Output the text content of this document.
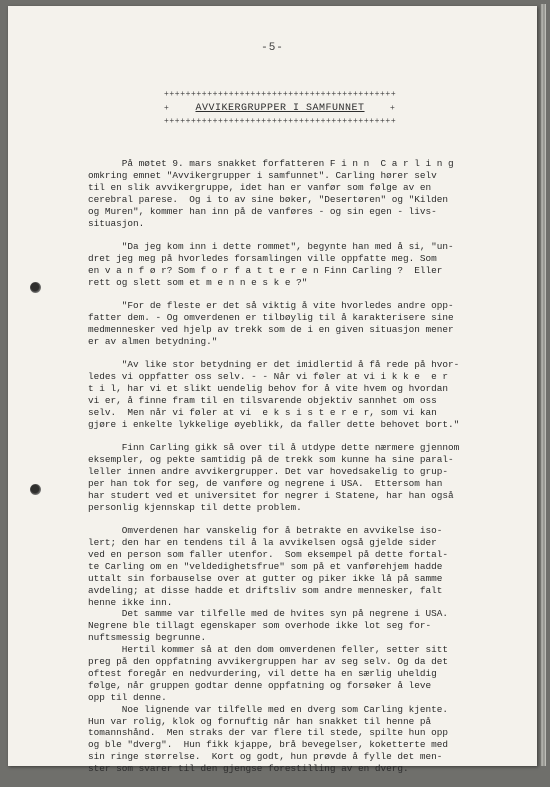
-5-
+++++++++++++++++++++++++++++++++++++++++++
+	AVVIKERGRUPPER I SAMFUNNET	+
+++++++++++++++++++++++++++++++++++++++++++

På møtet 9. mars snakket forfatteren F i n n  C a r l i n g
omkring emnet "Avvikergrupper i samfunnet". Carling hører selv
til en slik avvikergruppe, idet han er vanfør som følge av en
cerebral parese.  Og i to av sine bøker, "Desertøren" og "Kilden
og Muren", kommer han inn på de vanføres - og sin egen - livs-
situasjon.

"Da jeg kom inn i dette rommet", begynte han med å si, "un-
dret jeg meg på hvorledes forsamlingen ville oppfatte meg. Som
en v a n f ø r? Som f o r f a t t e r e n Finn Carling ?  Eller
rett og slett som et m e n n e s k e ?"

"For de fleste er det så viktig å vite hvorledes andre opp-
fatter dem. - Og omverdenen er tilbøylig til å karakterisere sine
medmennesker ved hjelp av trekk som de i en given situasjon mener
er av almen betydning."

"Av like stor betydning er det imidlertid å få rede på hvor-
ledes vi oppfatter oss selv. - - Når vi føler at vi i k k e  e r
t i l, har vi et slikt uendelig behov for å vite hvem og hvordan
vi er, å finne fram til en tilsvarende objektiv sannhet om oss
selv.  Men når vi føler at vi  e k s i s t e r e r, som vi kan
gjøre i enkelte lykkelige øyeblikk, da faller dette behovet bort."

Finn Carling gikk så over til å utdype dette nærmere gjennom
eksempler, og pekte samtidig på de trekk som kunne ha sine paral-
leller innen andre avvikergrupper. Det var hovedsakelig to grup-
per han tok for seg, de vanføre og negrene i USA.  Ettersom han
har studert ved et universitet for negrer i Statene, har han også
personlig kjennskap til dette problem.

Omverdenen har vanskelig for å betrakte en avvikelse iso-
lert; den har en tendens til å la avvikelsen også gjelde sider
ved en person som faller utenfor.  Som eksempel på dette fortal-
te Carling om en "veldedighetsfrue" som på et vanførehjem hadde
uttalt sin forbauselse over at gutter og piker ikke lå på samme
avdeling; at disse hadde et driftsliv som andre mennesker, falt
henne ikke inn.
Det samme var tilfelle med de hvites syn på negrene i USA.
Negrene ble tillagt egenskaper som overhode ikke lot seg for-
nuftsmessig begrunne.
Hertil kommer så at den dom omverdenen feller, setter sitt
preg på den oppfatning avvikergruppen har av seg selv. Og da det
oftest foregår en nedvurdering, vil dette ha en særlig uheldig
følge, når gruppen godtar denne oppfatning og forsøker å leve
opp til denne.
Noe lignende var tilfelle med en dverg som Carling kjente.
Hun var rolig, klok og fornuftig når han snakket til henne på
tomannshånd.  Men straks der var flere til stede, spilte hun opp
og ble "dverg".  Hun fikk kjappe, brå bevegelser, koketterte med
sin ringe størrelse.  Kort og godt, hun prøvde å fylle det men-
ster som svarer til den gjengse forestilling av en dverg.
